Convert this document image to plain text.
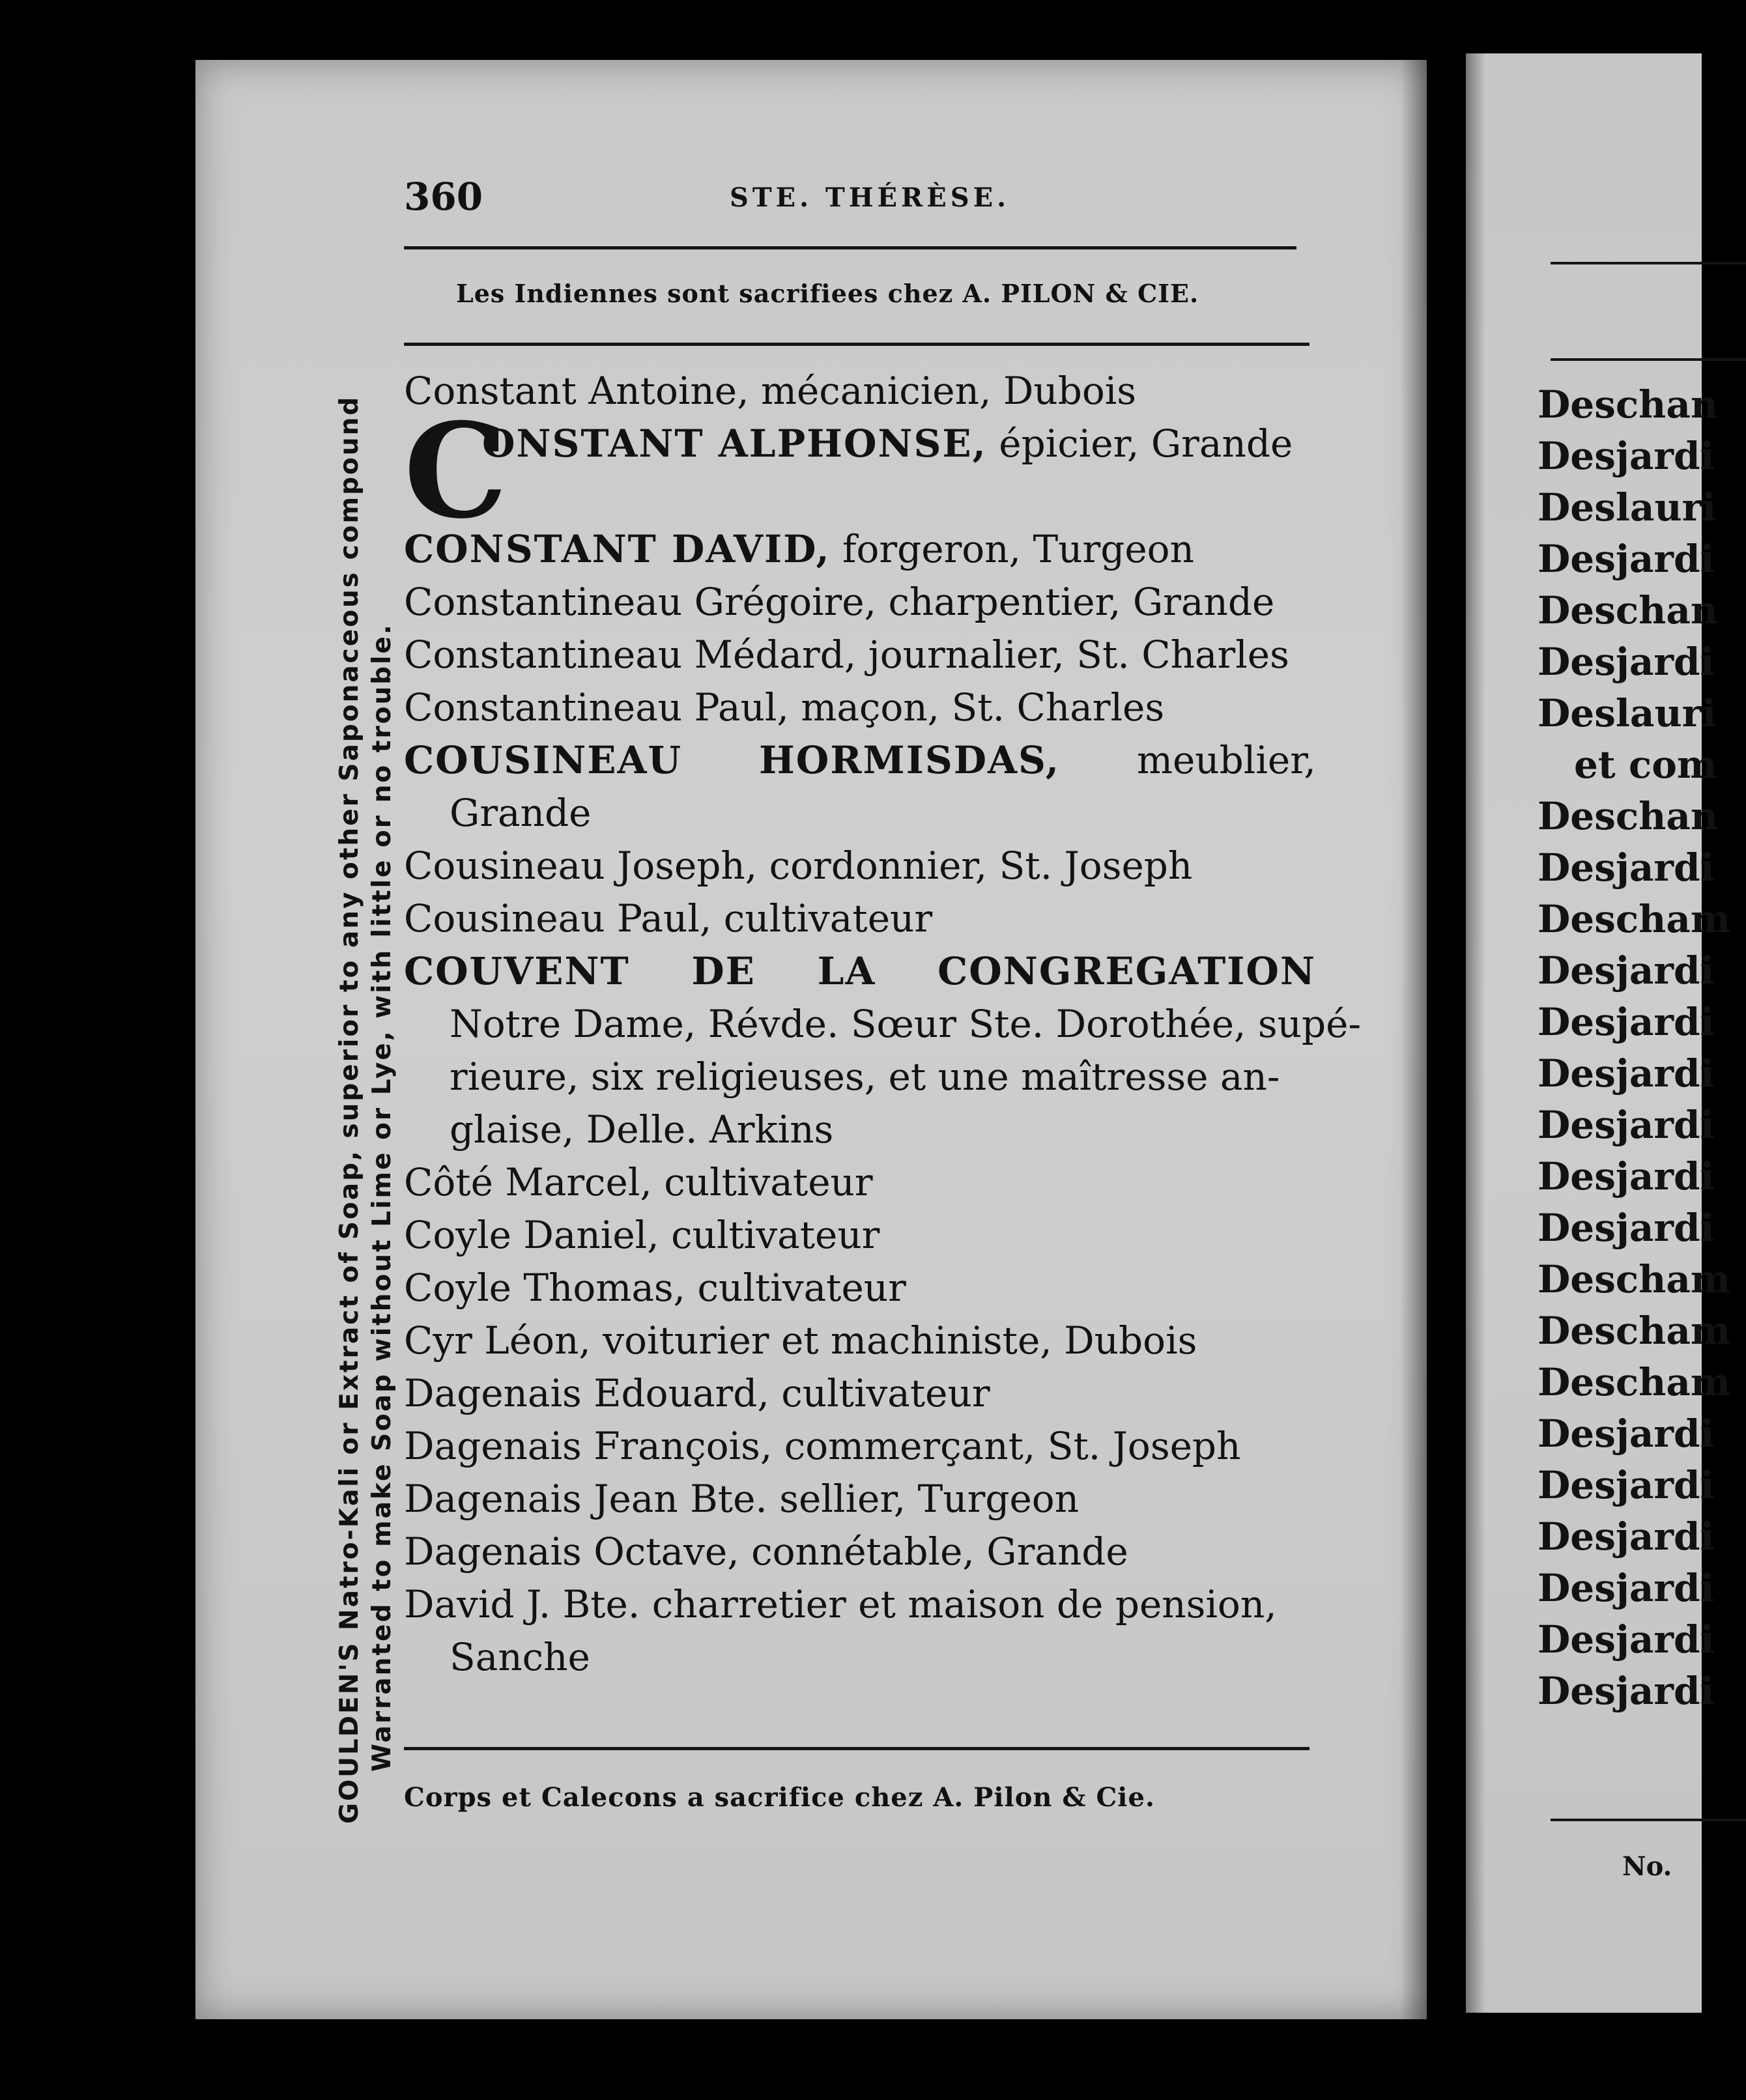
GOULDEN'S Natro-Kali or Extract of Soap, superior to any other Saponaceous compound Warranted to make Soap without Lime or Lye, with little or no trouble.
360	STE. THÉRÈSE.
Les Indiennes sont sacrifiees chez A. PILON & CIE.
Constant Antoine, mécanicien, Dubois
C
ONSTANT ALPHONSE, épicier, Grande
CONSTANT DAVID, forgeron, Turgeon
Constantineau Grégoire, charpentier, Grande
Constantineau Médard, journalier, St. Charles
Constantineau Paul, maçon, St. Charles
COUSINEAU HORMISDAS, meublier,
Grande
Cousineau Joseph, cordonnier, St. Joseph
Cousineau Paul, cultivateur
COUVENT DE LA CONGREGATION
Notre Dame, Révde. Sœur Ste. Dorothée, supé-
rieure, six religieuses, et une maîtresse an-
glaise, Delle. Arkins
Côté Marcel, cultivateur
Coyle Daniel, cultivateur
Coyle Thomas, cultivateur
Cyr Léon, voiturier et machiniste, Dubois
Dagenais Edouard, cultivateur
Dagenais François, commerçant, St. Joseph
Dagenais Jean Bte. sellier, Turgeon
Dagenais Octave, connétable, Grande
David J. Bte. charretier et maison de pension,
Sanche
Corps et Calecons a sacrifice chez A. Pilon & Cie.
Deschan
Desjardi
Deslauri
Desjardi
Deschan
Desjardi
Deslauri
et com
Deschan
Desjardi
Descham
Desjardi
Desjardi
Desjardi
Desjardi
Desjardi
Desjardi
Descham
Descham
Descham
Desjardi
Desjardi
Desjardi
Desjardi
Desjardi
Desjardi
No.
